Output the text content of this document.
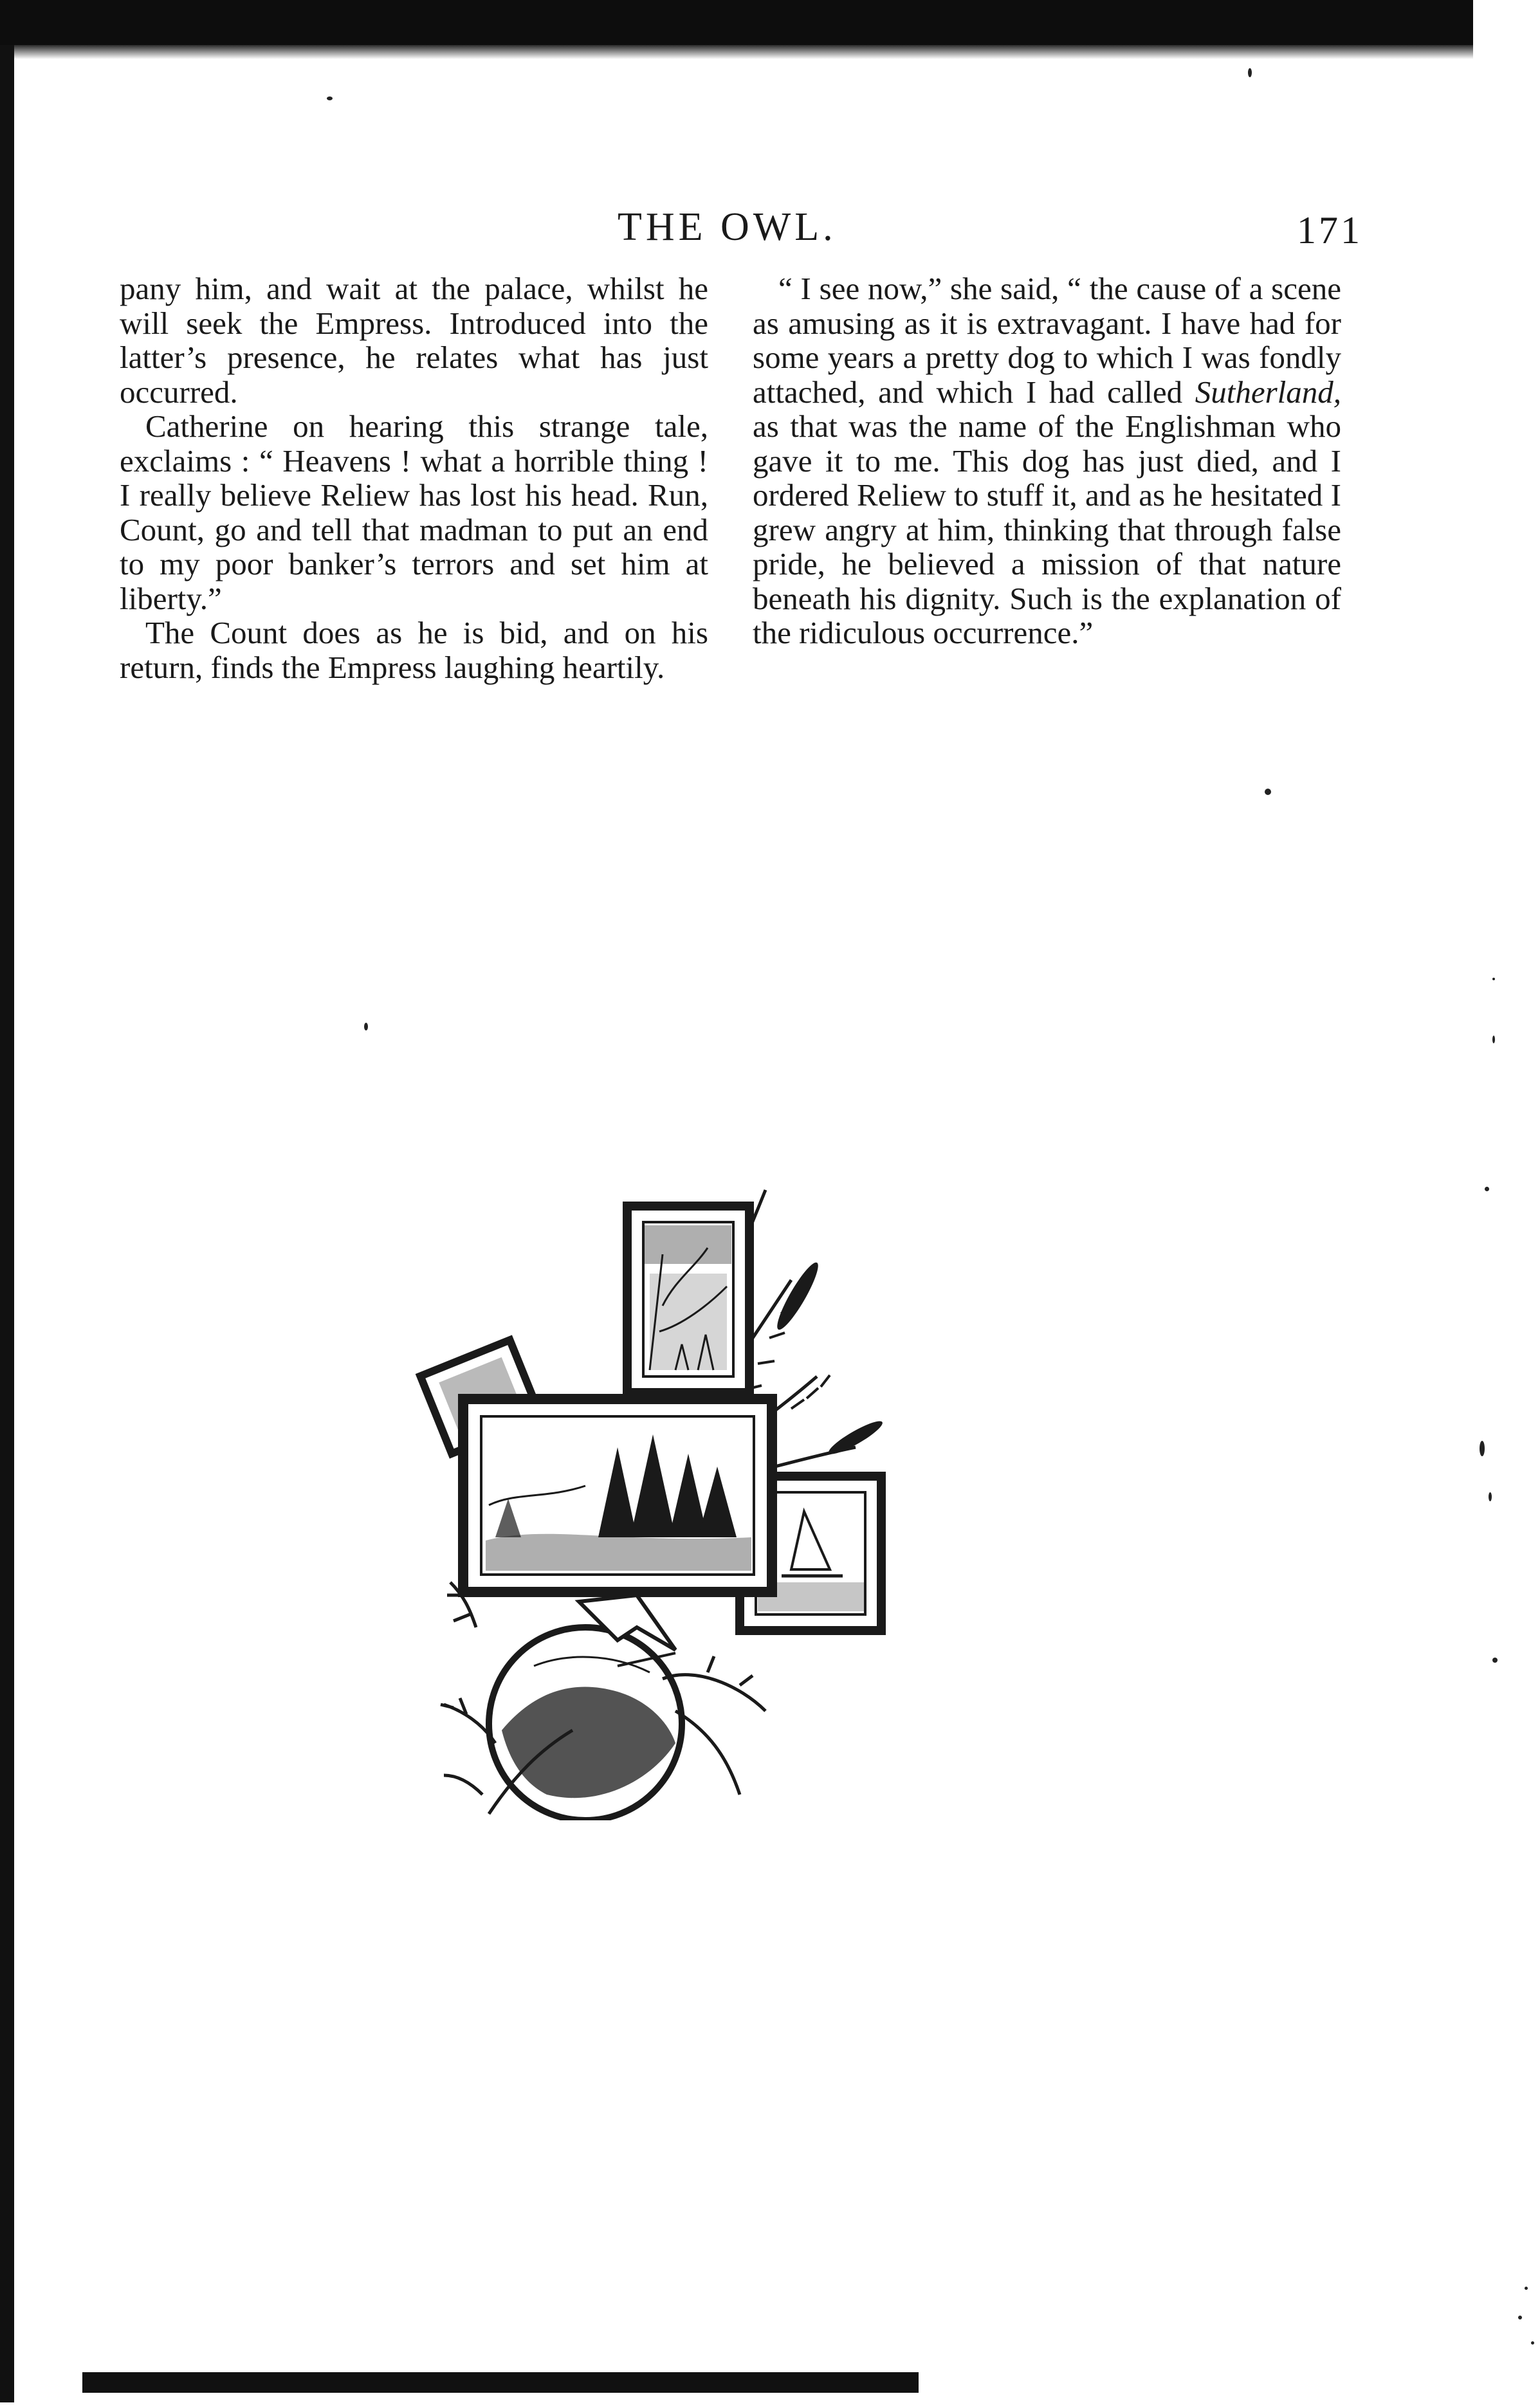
THE OWL.	171

pany him, and wait at the palace, whilst he will seek the Empress. Introduced into the latter’s presence, he relates what has just occurred.

Catherine on hearing this strange tale, exclaims : “ Heavens ! what a horrible thing ! I really believe Reliew has lost his head. Run, Count, go and tell that madman to put an end to my poor banker’s terrors and set him at liberty.”

The Count does as he is bid, and on his return, finds the Empress laughing heartily.

“ I see now,” she said, “ the cause of a scene as amusing as it is extravagant. I have had for some years a pretty dog to which I was fondly attached, and which I had called Sutherland, as that was the name of the Englishman who gave it to me. This dog has just died, and I ordered Reliew to stuff it, and as he hesitated I grew angry at him, thinking that through false pride, he believed a mission of that nature beneath his dignity. Such is the explanation of the ridiculous occurrence.”
